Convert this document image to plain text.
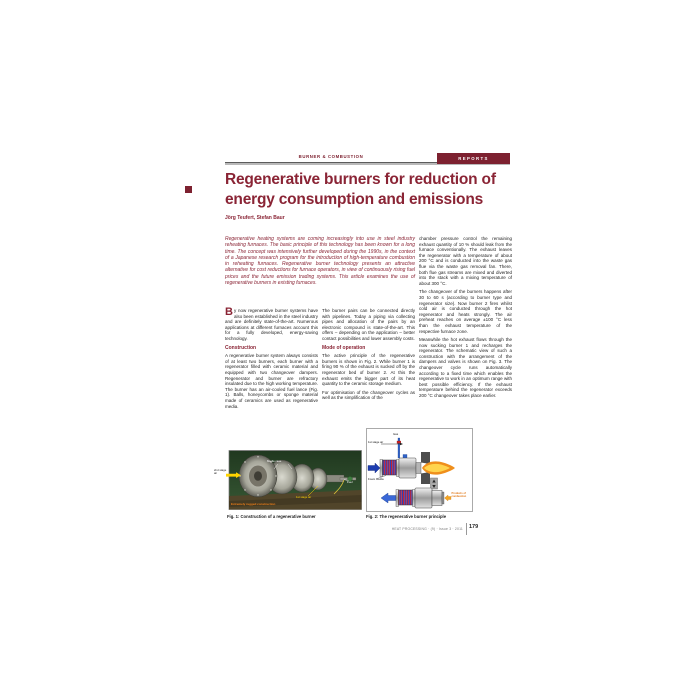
BURNER & COMBUSTION	REPORTS
Regenerative burners for reduction of
energy consumption and emissions
Jörg Teufert, Stefan Baur
Regenerative heating systems are coming increasingly into use in steel industry reheating furnaces. The basic principle of this technology has been known for a long time. The concept was intensively further developed during the 1990s, in the context of a Japanese research program for the introduction of high-temperature combustion in reheating furnaces. Regenerative burner technology presents an attractive alternative for cost reductions for furnace operators, in view of continuously rising fuel prices and the future emission trading systems. This article examines the use of regenerative burners in existing furnaces.

By now regenerative burner systems have also been established in the steel industry and are definitely state-of-the-art. Numerous applications at different furnaces account this for a fully developed, energy-saving technology.

Construction

A regenerative burner system always consists of at least two burners, each burner with a regenerator filled with ceramic material and equipped with two changeover dampers. Regenerator and burner are refractory insulated due to the high working temperature. The burner has an air-cooled fuel lance (Fig. 1). Balls, honeycombs or sponge material made of ceramics are used as regenerative media.

The burner pairs can be connected directly with pipelines. Today a piping via collecting pipes and allocation of the pairs by an electronic compound is state-of-the-art. This offers – depending on the application – better contact possibilities and lower assembly costs.

Mode of operation

The active principle of the regenerative burners is shown in Fig. 2. While burner 1 is firing 90 % of the exhaust is sucked off by the regenerator bed of burner 2. At this the exhaust emits the bigger part of its heat quantity to the ceramic storage medium.

For optimisation of the changeover cycles as well as the simplification of the

chamber pressure control the remaining exhaust quantity of 10 % should leak from the furnace conventionally. The exhaust leaves the regenerator with a temperature of about 200 °C and is conducted into the waste gas flue via the waste gas removal fan. There, both flue gas streams are mixed and diverted into the stack with a mixing temperature of about 300 °C.

The changeover of the burners happens after 30 to 60 s (according to burner type and regenerator size). Now burner 2 fires whilst cold air is conducted through the hot regenerator and heats strongly. The air preheat reaches on average ±100 °C less than the exhaust temperature of the respective furnace zone.

Meanwhile the hot exhaust flows through the now sucking burner 1 and recharges the regenerator. The schematic view of such a construction with the arrangement of the dampers and valves is shown on Fig. 3. The changeover cycle runs automatically according to a fixed time which enables the regenerative to work in an optimum range with best possible efficiency. If the exhaust temperature behind the regenerator exceeds 200 °C changeover takes place earlier.

2nd stage air
Media case
1st stage air
Fuel
Extremely rugged construction
Fig. 1: Construction of a regenerative burner
Gas
1st stage air
Foam media
Products of combustion
Fig. 2: The regenerative burner principle
HEAT PROCESSING · (9) · Issue 3 · 2011 179
